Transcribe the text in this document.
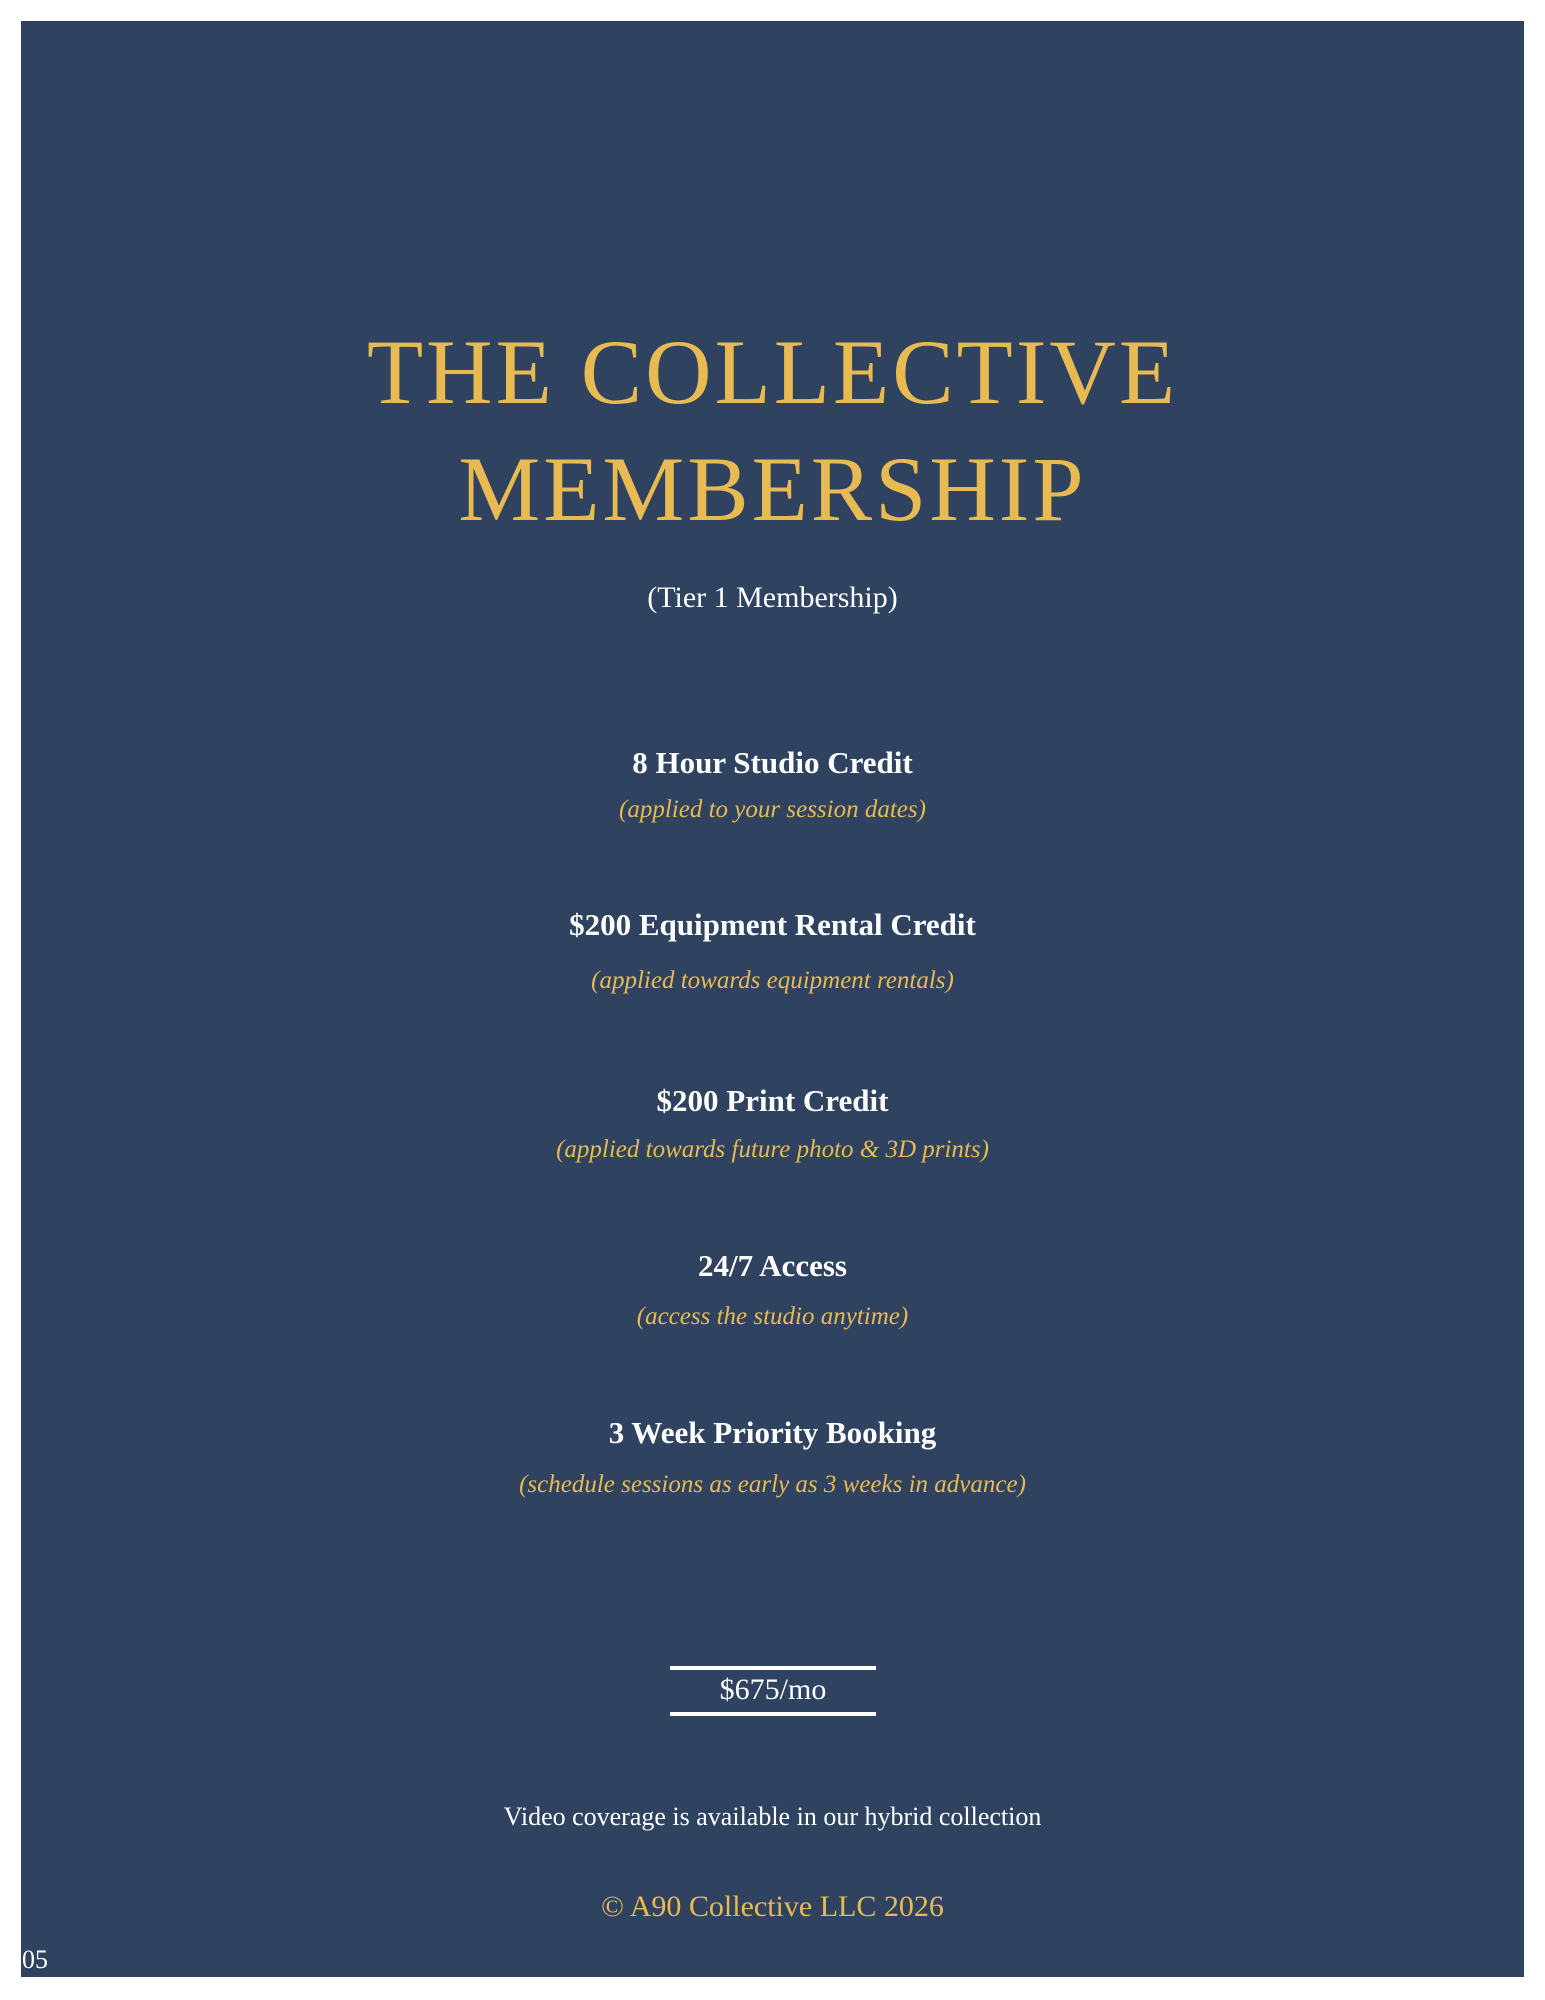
THE COLLECTIVE
MEMBERSHIP
(Tier 1 Membership)
8 Hour Studio Credit
(applied to your session dates)
$200 Equipment Rental Credit
(applied towards equipment rentals)
$200 Print Credit
(applied towards future photo & 3D prints)
24/7 Access
(access the studio anytime)
3 Week Priority Booking
(schedule sessions as early as 3 weeks in advance)
$675/mo
Video coverage is available in our hybrid collection
© A90 Collective LLC 2026
05
